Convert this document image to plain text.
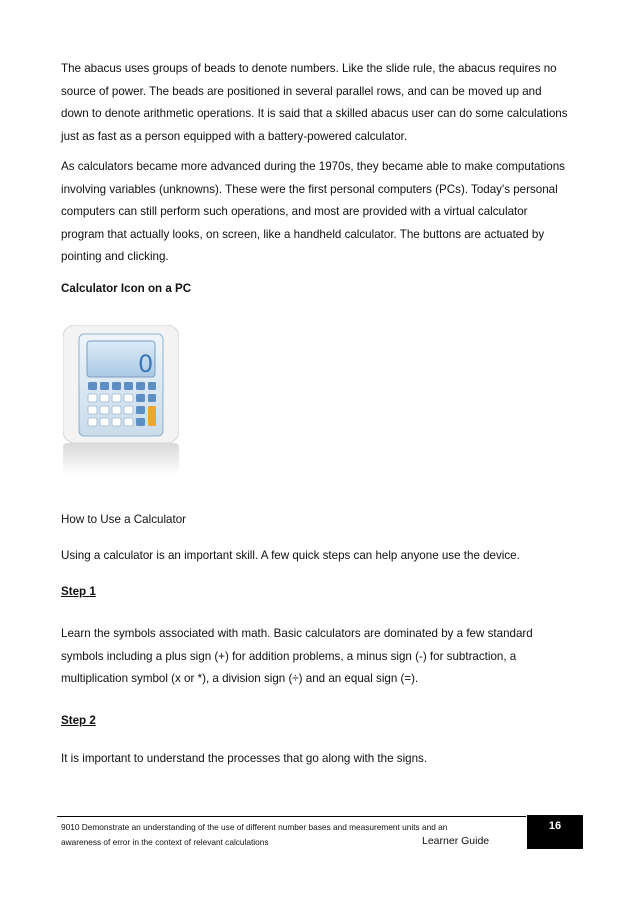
The abacus uses groups of beads to denote numbers. Like the slide rule, the abacus requires no
source of power. The beads are positioned in several parallel rows, and can be moved up and
down to denote arithmetic operations. It is said that a skilled abacus user can do some calculations
just as fast as a person equipped with a battery-powered calculator.

As calculators became more advanced during the 1970s, they became able to make computations
involving variables (unknowns). These were the first personal computers (PCs). Today's personal
computers can still perform such operations, and most are provided with a virtual calculator
program that actually looks, on screen, like a handheld calculator. The buttons are actuated by
pointing and clicking.

Calculator Icon on a PC

0

How to Use a Calculator

Using a calculator is an important skill. A few quick steps can help anyone use the device.

Step 1

Learn the symbols associated with math. Basic calculators are dominated by a few standard
symbols including a plus sign (+) for addition problems, a minus sign (-) for subtraction, a
multiplication symbol (x or *), a division sign (÷) and an equal sign (=).

Step 2

It is important to understand the processes that go along with the signs.

9010 Demonstrate an understanding of the use of different number bases and measurement units and an

awareness of error in the context of relevant calculations	Learner Guide

16
